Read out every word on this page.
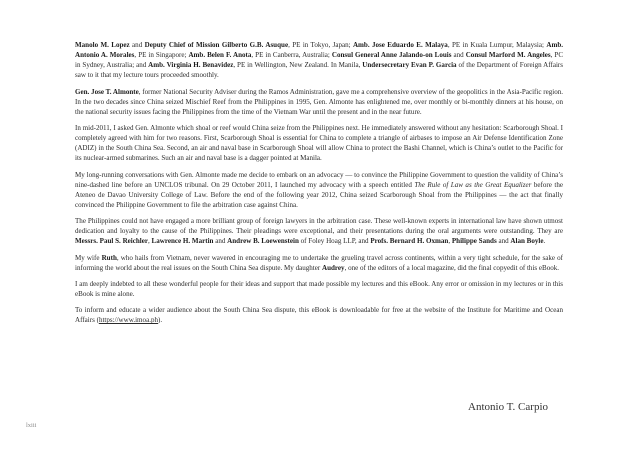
Manolo M. Lopez and Deputy Chief of Mission Gilberto G.B. Asuque, PE in Tokyo, Japan; Amb. Jose Eduardo E. Malaya, PE in Kuala Lumpur, Malaysia; Amb. Antonio A. Morales, PE in Singapore; Amb. Belen F. Anota, PE in Canberra, Australia; Consul General Anne Jalando-on Louis and Consul Marford M. Angeles, PC in Sydney, Australia; and Amb. Virginia H. Benavidez, PE in Wellington, New Zealand. In Manila, Undersecretary Evan P. Garcia of the Department of Foreign Affairs saw to it that my lecture tours proceeded smoothly.

Gen. Jose T. Almonte, former National Security Adviser during the Ramos Administration, gave me a comprehensive overview of the geopolitics in the Asia-Pacific region. In the two decades since China seized Mischief Reef from the Philippines in 1995, Gen. Almonte has enlightened me, over monthly or bi-monthly dinners at his house, on the national security issues facing the Philippines from the time of the Vietnam War until the present and in the near future.

In mid-2011, I asked Gen. Almonte which shoal or reef would China seize from the Philippines next. He immediately answered without any hesitation: Scarborough Shoal. I completely agreed with him for two reasons. First, Scarborough Shoal is essential for China to complete a triangle of airbases to impose an Air Defense Identification Zone (ADIZ) in the South China Sea. Second, an air and naval base in Scarborough Shoal will allow China to protect the Bashi Channel, which is China’s outlet to the Pacific for its nuclear-armed submarines. Such an air and naval base is a dagger pointed at Manila.

My long-running conversations with Gen. Almonte made me decide to embark on an advocacy — to convince the Philippine Government to question the validity of China’s nine-dashed line before an UNCLOS tribunal. On 29 October 2011, I launched my advocacy with a speech entitled The Rule of Law as the Great Equalizer before the Ateneo de Davao University College of Law. Before the end of the following year 2012, China seized Scarborough Shoal from the Philippines — the act that finally convinced the Philippine Government to file the arbitration case against China.

The Philippines could not have engaged a more brilliant group of foreign lawyers in the arbitration case. These well-known experts in international law have shown utmost dedication and loyalty to the cause of the Philippines. Their pleadings were exceptional, and their presentations during the oral arguments were outstanding. They are Messrs. Paul S. Reichler, Lawrence H. Martin and Andrew B. Loewenstein of Foley Hoag LLP, and Profs. Bernard H. Oxman, Philippe Sands and Alan Boyle.

My wife Ruth, who hails from Vietnam, never wavered in encouraging me to undertake the grueling travel across continents, within a very tight schedule, for the sake of informing the world about the real issues on the South China Sea dispute. My daughter Audrey, one of the editors of a local magazine, did the final copyedit of this eBook.

I am deeply indebted to all these wonderful people for their ideas and support that made possible my lectures and this eBook. Any error or omission in my lectures or in this eBook is mine alone.

To inform and educate a wider audience about the South China Sea dispute, this eBook is downloadable for free at the website of the Institute for Maritime and Ocean Affairs (https://www.imoa.ph).

Antonio T. Carpio
lxiii
